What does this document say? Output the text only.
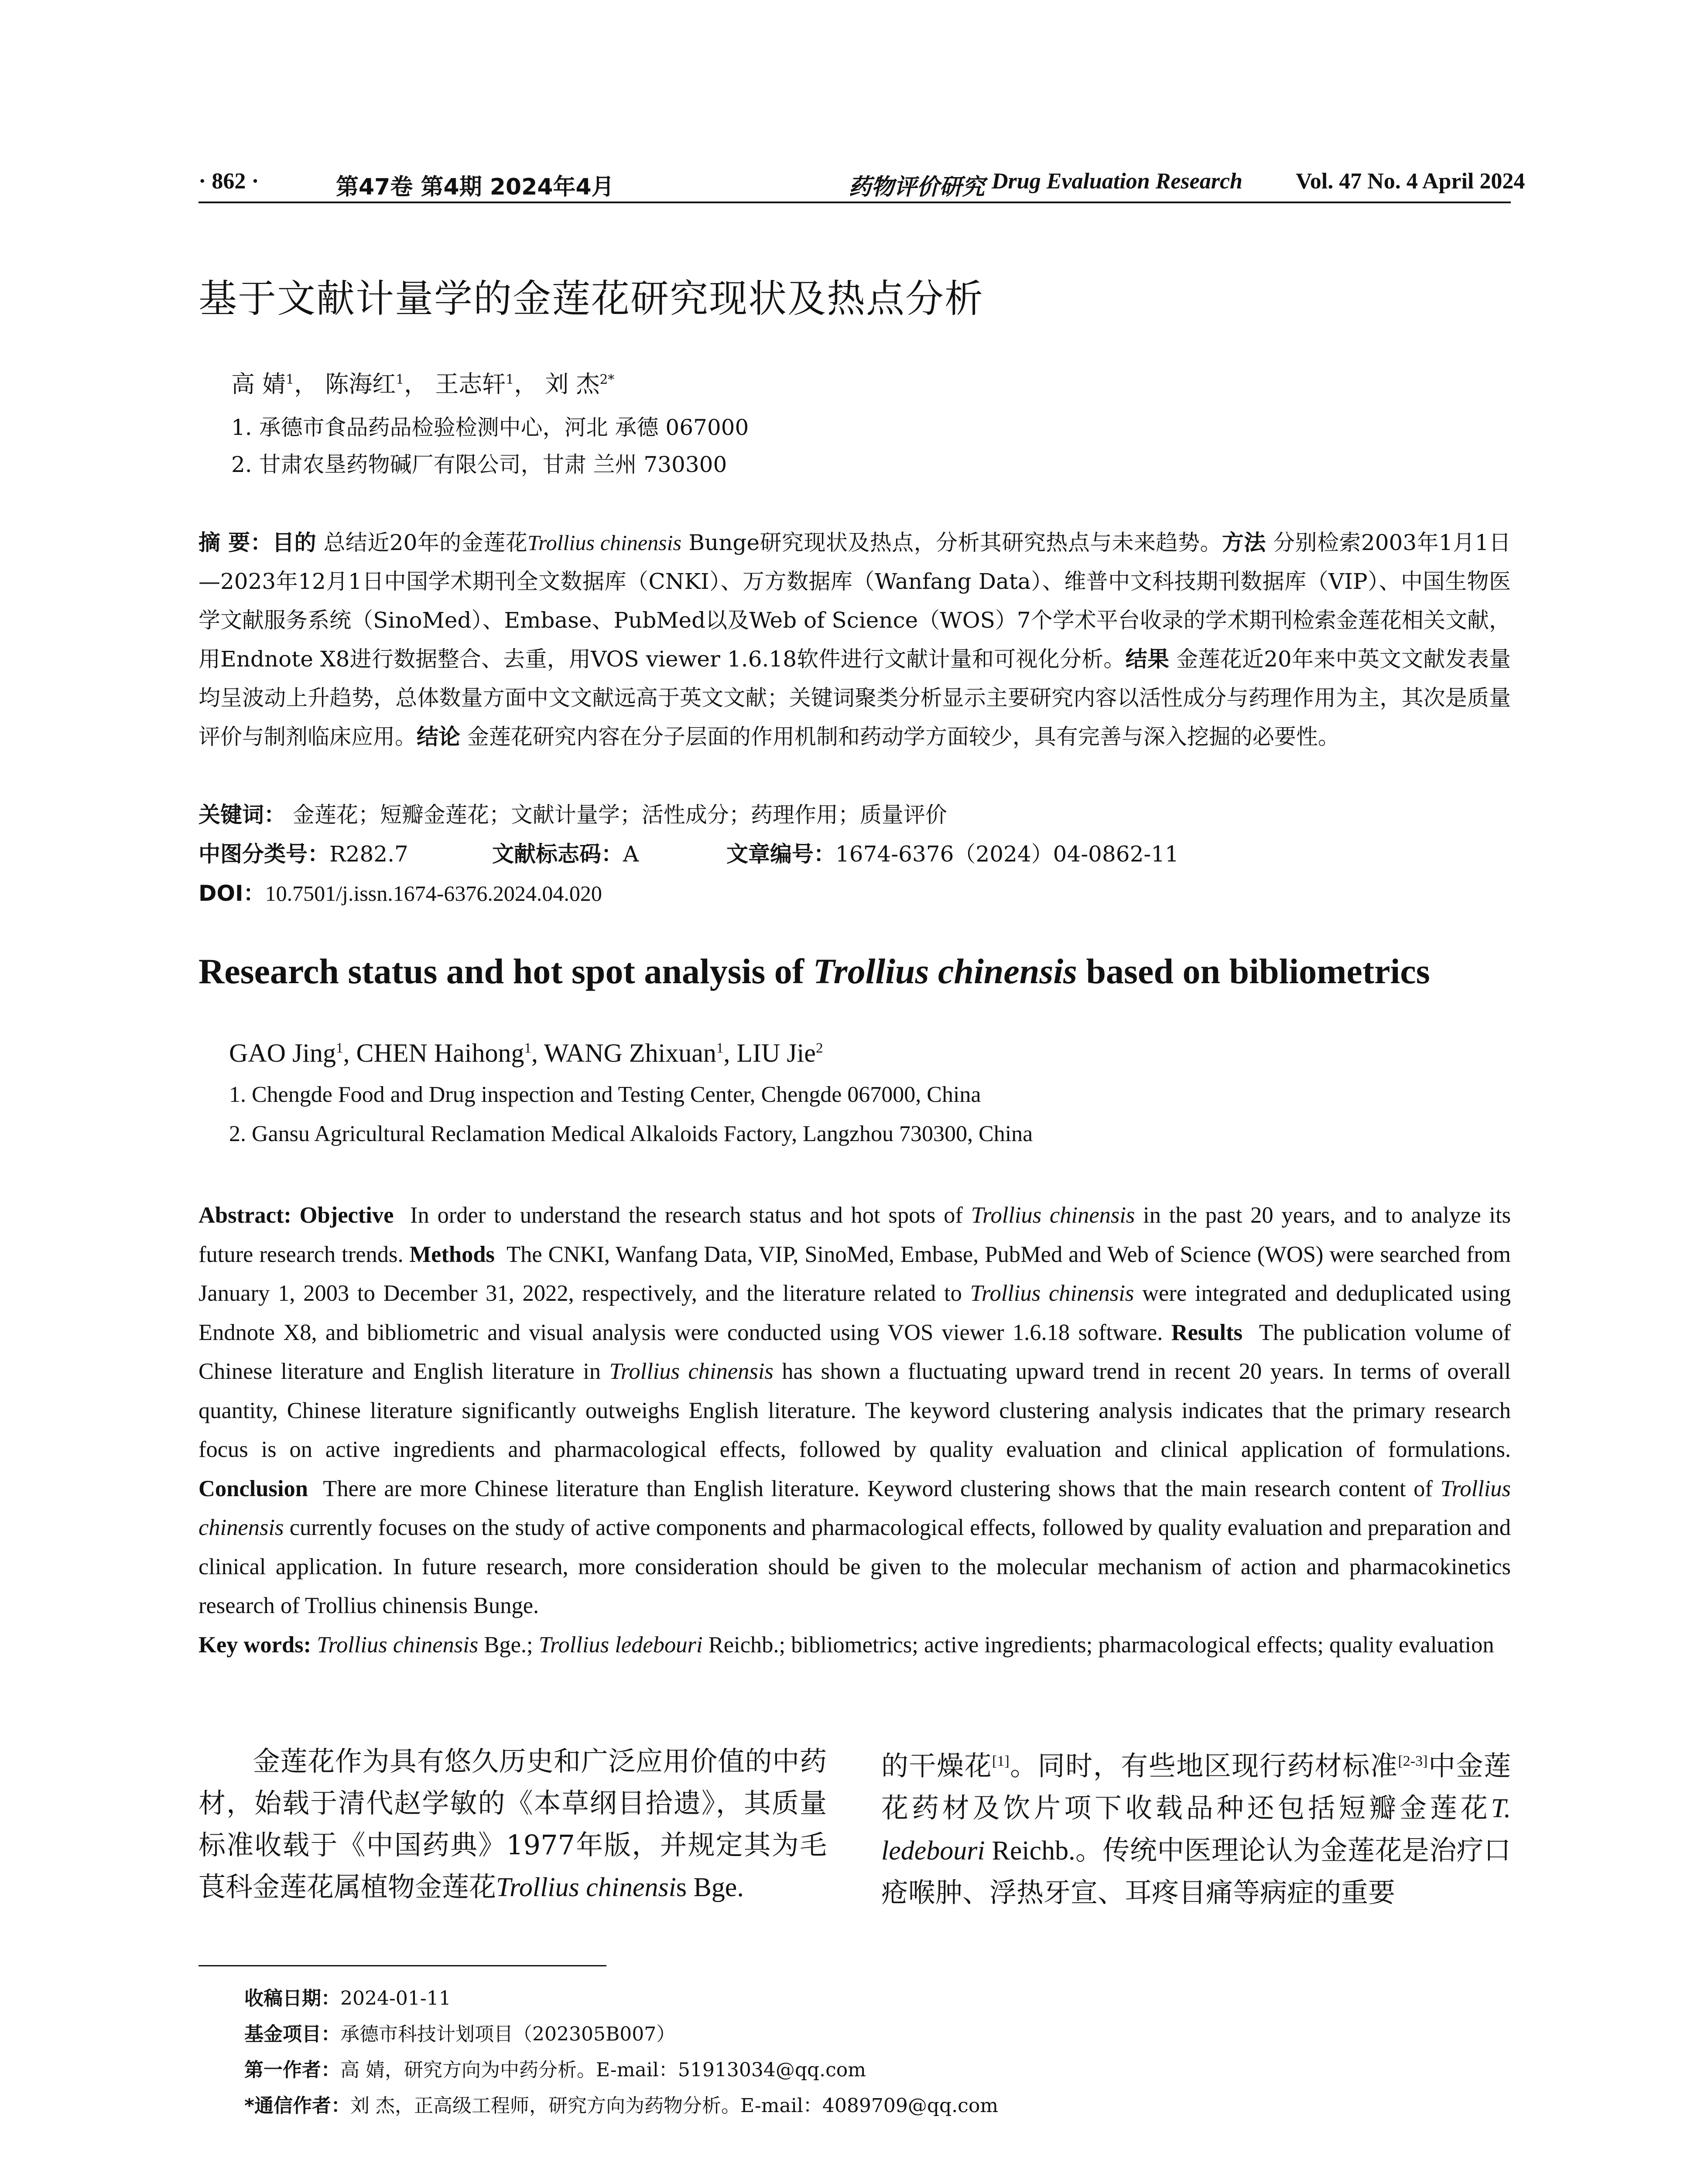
· 862 ·	第47卷 第4期 2024年4月	药物评价研究 Drug Evaluation Research Vol. 47 No. 4 April 2024
基于文献计量学的金莲花研究现状及热点分析
高 婧$^1$， 陈海红$^1$， 王志轩$^1$， 刘 杰$^{2*}$
1. 承德市食品药品检验检测中心，河北 承德 067000
2. 甘肃农垦药物碱厂有限公司，甘肃 兰州 730300
摘 要：目的 总结近20年的金莲花Trollius chinensis Bunge研究现状及热点，分析其研究热点与未来趋势。方法 分别检索2003年1月1日—2023年12月1日中国学术期刊全文数据库（CNKI）、万方数据库（Wanfang Data）、维普中文科技期刊数据库（VIP）、中国生物医学文献服务系统（SinoMed）、Embase、PubMed以及Web of Science（WOS）7个学术平台收录的学术期刊检索金莲花相关文献，用Endnote X8进行数据整合、去重，用VOS viewer 1.6.18软件进行文献计量和可视化分析。结果 金莲花近20年来中英文文献发表量均呈波动上升趋势，总体数量方面中文文献远高于英文文献；关键词聚类分析显示主要研究内容以活性成分与药理作用为主，其次是质量评价与制剂临床应用。结论 金莲花研究内容在分子层面的作用机制和药动学方面较少，具有完善与深入挖掘的必要性。
关键词： 金莲花；短瓣金莲花；文献计量学；活性成分；药理作用；质量评价
中图分类号：R282.7	文献标志码：A	文章编号：1674-6376（2024）04-0862-11
DOI：10.7501/j.issn.1674-6376.2024.04.020
Research status and hot spot analysis of Trollius chinensis based on bibliometrics
GAO Jing$^1$, CHEN Haihong$^1$, WANG Zhixuan$^1$, LIU Jie$^2$
1. Chengde Food and Drug inspection and Testing Center, Chengde 067000, China
2. Gansu Agricultural Reclamation Medical Alkaloids Factory, Langzhou 730300, China
Abstract: Objective In order to understand the research status and hot spots of Trollius chinensis in the past 20 years, and to analyze its future research trends. Methods The CNKI, Wanfang Data, VIP, SinoMed, Embase, PubMed and Web of Science (WOS) were searched from January 1, 2003 to December 31, 2022, respectively, and the literature related to Trollius chinensis were integrated and deduplicated using Endnote X8, and bibliometric and visual analysis were conducted using VOS viewer 1.6.18 software. Results The publication volume of Chinese literature and English literature in Trollius chinensis has shown a fluctuating upward trend in recent 20 years. In terms of overall quantity, Chinese literature significantly outweighs English literature. The keyword clustering analysis indicates that the primary research focus is on active ingredients and pharmacological effects, followed by quality evaluation and clinical application of formulations. Conclusion There are more Chinese literature than English literature. Keyword clustering shows that the main research content of Trollius chinensis currently focuses on the study of active components and pharmacological effects, followed by quality evaluation and preparation and clinical application. In future research, more consideration should be given to the molecular mechanism of action and pharmacokinetics research of Trollius chinensis Bunge.
Key words: Trollius chinensis Bge.; Trollius ledebouri Reichb.; bibliometrics; active ingredients; pharmacological effects; quality evaluation
  金莲花作为具有悠久历史和广泛应用价值的中药材，始载于清代赵学敏的《本草纲目拾遗》，其质量标准收载于《中国药典》1977年版，并规定其为毛茛科金莲花属植物金莲花Trollius chinensis Bge.
的干燥花[1]。同时，有些地区现行药材标准[2-3]中金莲花药材及饮片项下收载品种还包括短瓣金莲花T. ledebouri Reichb.。传统中医理论认为金莲花是治疗口疮喉肿、浮热牙宣、耳疼目痛等病症的重要
收稿日期：2024-01-11
基金项目：承德市科技计划项目（202305B007）
第一作者：高 婧，研究方向为中药分析。E-mail：51913034@qq.com
*通信作者：刘 杰，正高级工程师，研究方向为药物分析。E-mail：4089709@qq.com
